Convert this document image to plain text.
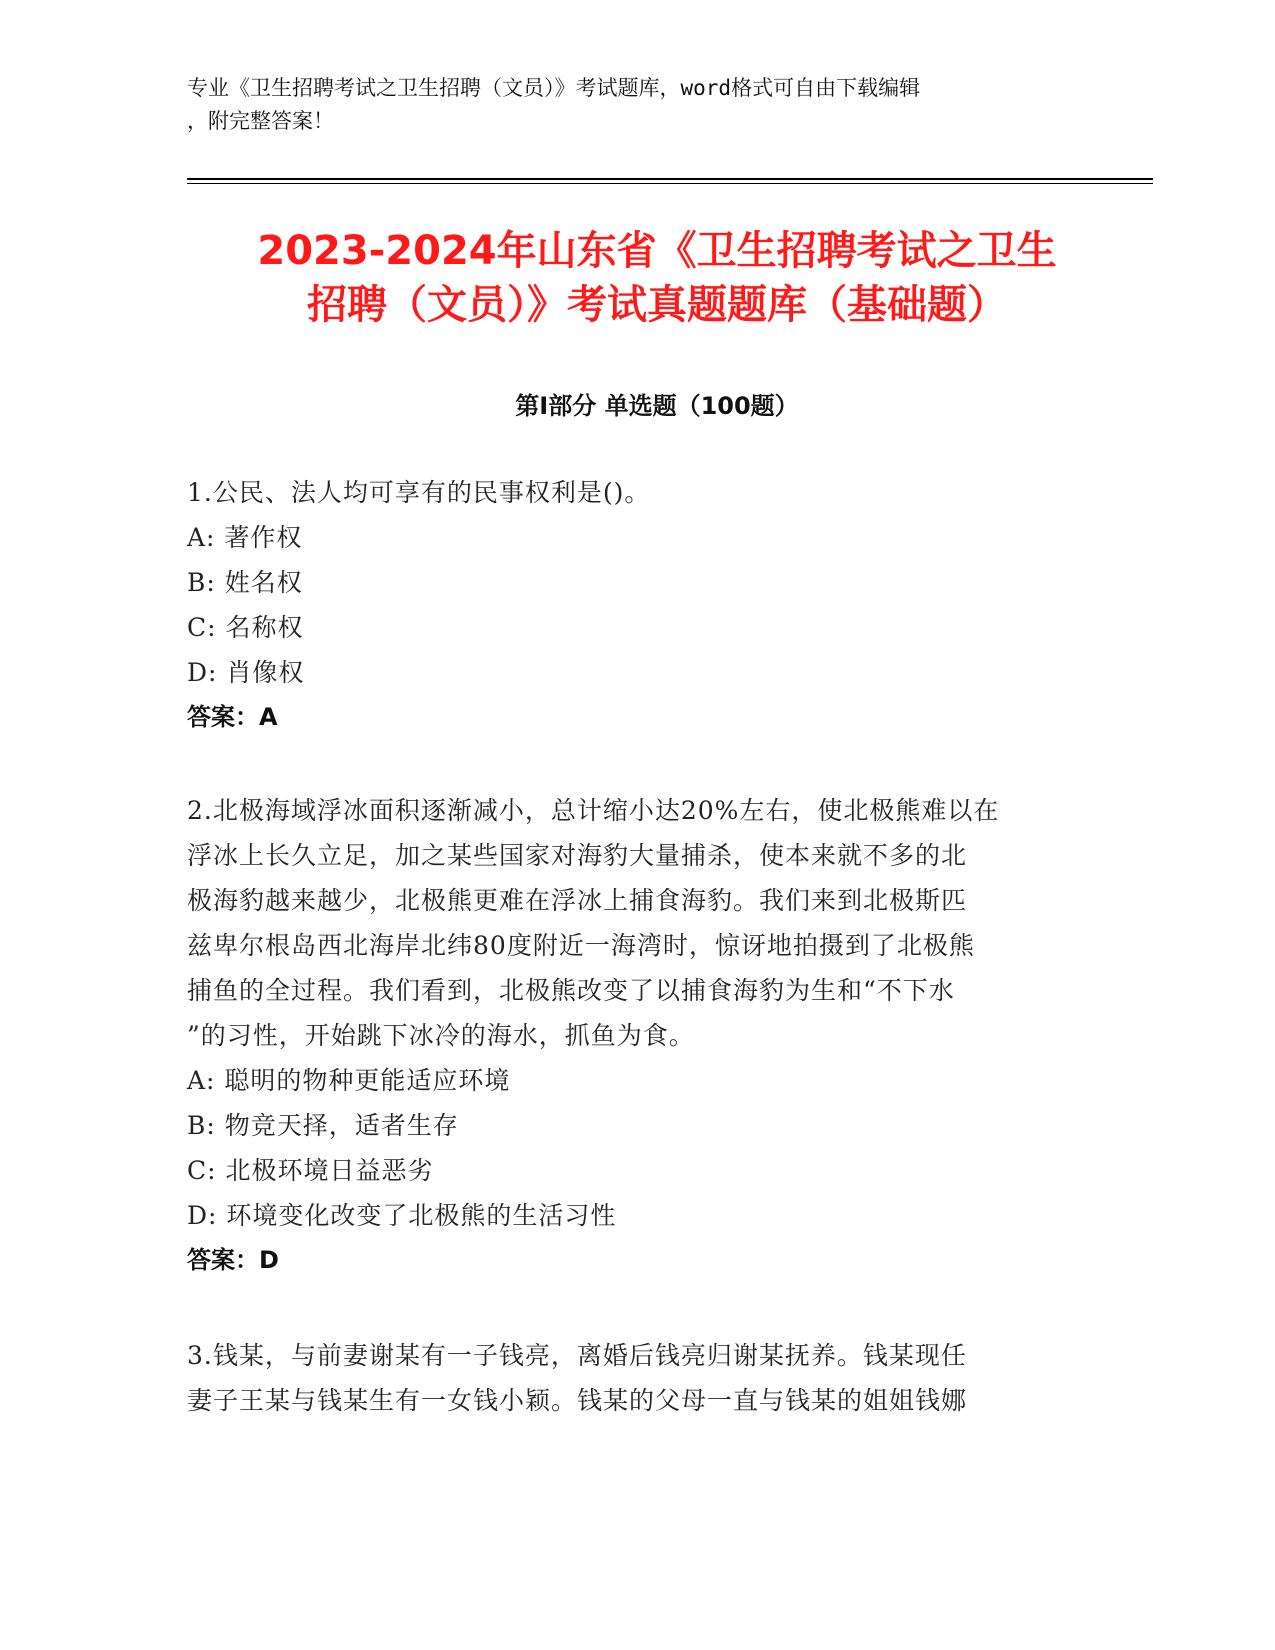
专业《卫生招聘考试之卫生招聘（文员）》考试题库，word格式可自由下载编辑
，附完整答案！
2023-2024年山东省《卫生招聘考试之卫生
招聘（文员）》考试真题题库（基础题）
第Ⅰ部分 单选题（100题）
1.公民、法人均可享有的民事权利是()。
A: 著作权
B: 姓名权
C: 名称权
D: 肖像权
答案：A
2.北极海域浮冰面积逐渐减小，总计缩小达20%左右，使北极熊难以在
浮冰上长久立足，加之某些国家对海豹大量捕杀，使本来就不多的北
极海豹越来越少，北极熊更难在浮冰上捕食海豹。我们来到北极斯匹
兹卑尔根岛西北海岸北纬80度附近一海湾时，惊讶地拍摄到了北极熊
捕鱼的全过程。我们看到，北极熊改变了以捕食海豹为生和“不下水
”的习性，开始跳下冰冷的海水，抓鱼为食。
A: 聪明的物种更能适应环境
B: 物竞天择，适者生存
C: 北极环境日益恶劣
D: 环境变化改变了北极熊的生活习性
答案：D
3.钱某，与前妻谢某有一子钱亮，离婚后钱亮归谢某抚养。钱某现任
妻子王某与钱某生有一女钱小颖。钱某的父母一直与钱某的姐姐钱娜
